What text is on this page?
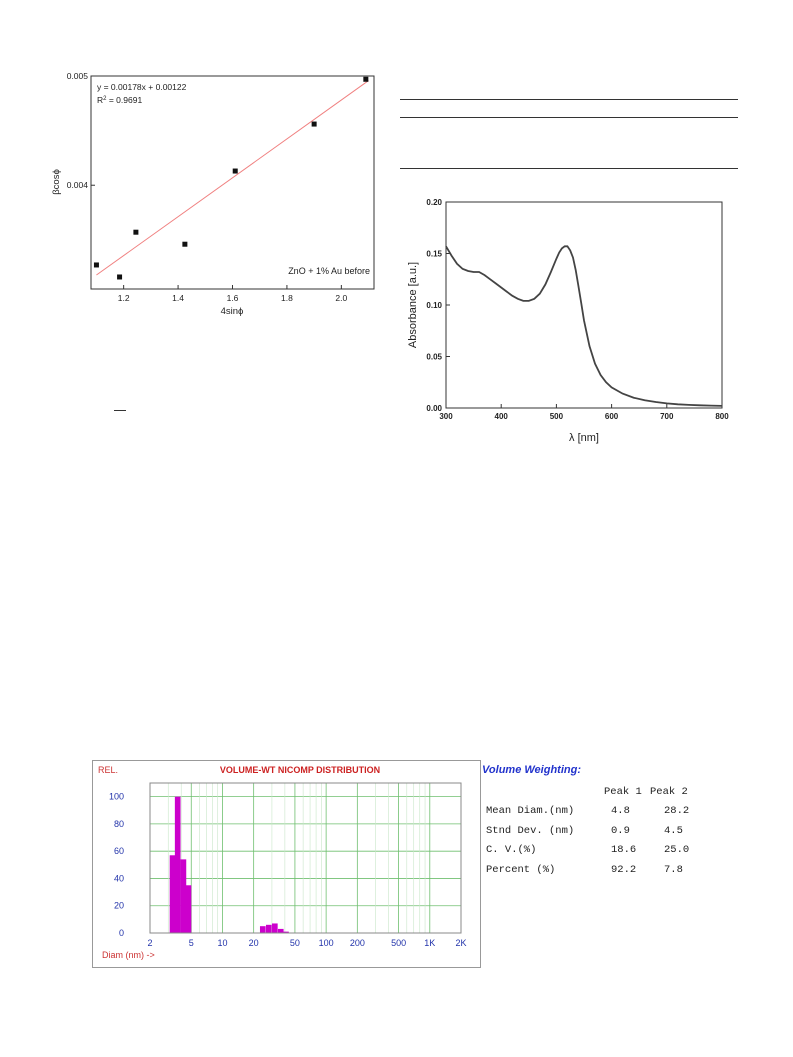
0.004
0.005
1.2	1.4	1.6	1.8	2.0
y = 0.00178x + 0.00122
$R^2 = 0.9691$
ZnO + 1% Au before
4sinϕ
βcosϕ
0.00
0.05
0.10
0.15
0.20
300	400	500	600	700	800
λ [nm]
Absorbance [a.u.]
REL.	VOLUME-WT NICOMP DISTRIBUTION
0
20
40
60
80
100
2	5	10 20	50 100 200	500 1K 2K
Diam (nm) ->
Volume Weighting:
	Peak 1	Peak 2
Mean Diam.(nm)	4.8	28.2
Stnd Dev. (nm)	0.9	4.5
C. V.(%)	18.6	25.0
Percent (%)	92.2	7.8
